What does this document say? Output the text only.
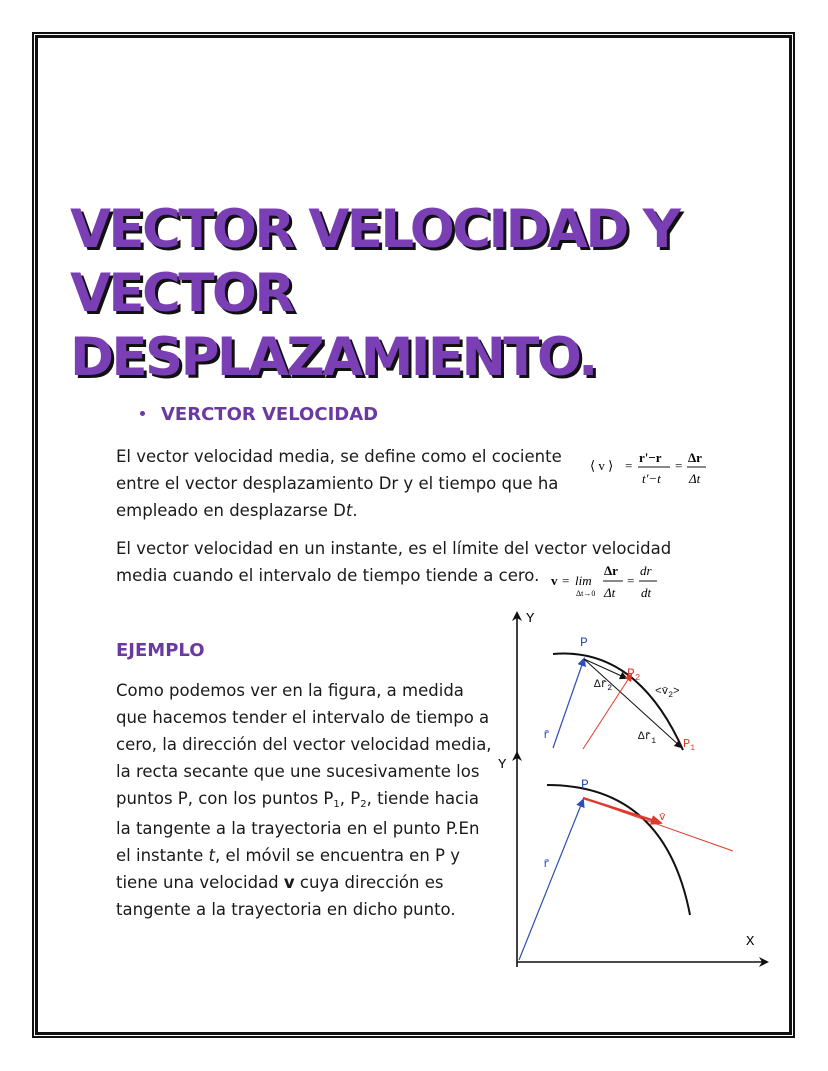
VECTOR VELOCIDAD Y
VECTOR DESPLAZAMIENTO.
VERCTOR VELOCIDAD

El vector velocidad media, se define como el cociente entre el vector desplazamiento Dr y el tiempo que ha empleado en desplazarse Dt.

⟨ v ⟩ =
r'−r
t'−t
=
Δr
Δt

El vector velocidad en un instante, es el límite del vector velocidad media cuando el intervalo de tiempo tiende a cero. v = lim
Δt→0
Δr
Δt
=
dr
dt
EJEMPLO

Como podemos ver en la figura, a medida que hacemos tender el intervalo de tiempo a cero, la dirección del vector velocidad media, la recta secante que une sucesivamente los puntos P, con los puntos P1, P2, tiende hacia la tangente a la trayectoria en el punto P.En el instante t, el móvil se encuentra en P y tiene una velocidad v cuya dirección es tangente a la trayectoria en dicho punto.

Y
P
r̄
$P_2$
$\Delta r̄_2$	$<v̄_2>$
$\Delta r̄_1$ $P_1$
Y
X
P
r̄
v̄
